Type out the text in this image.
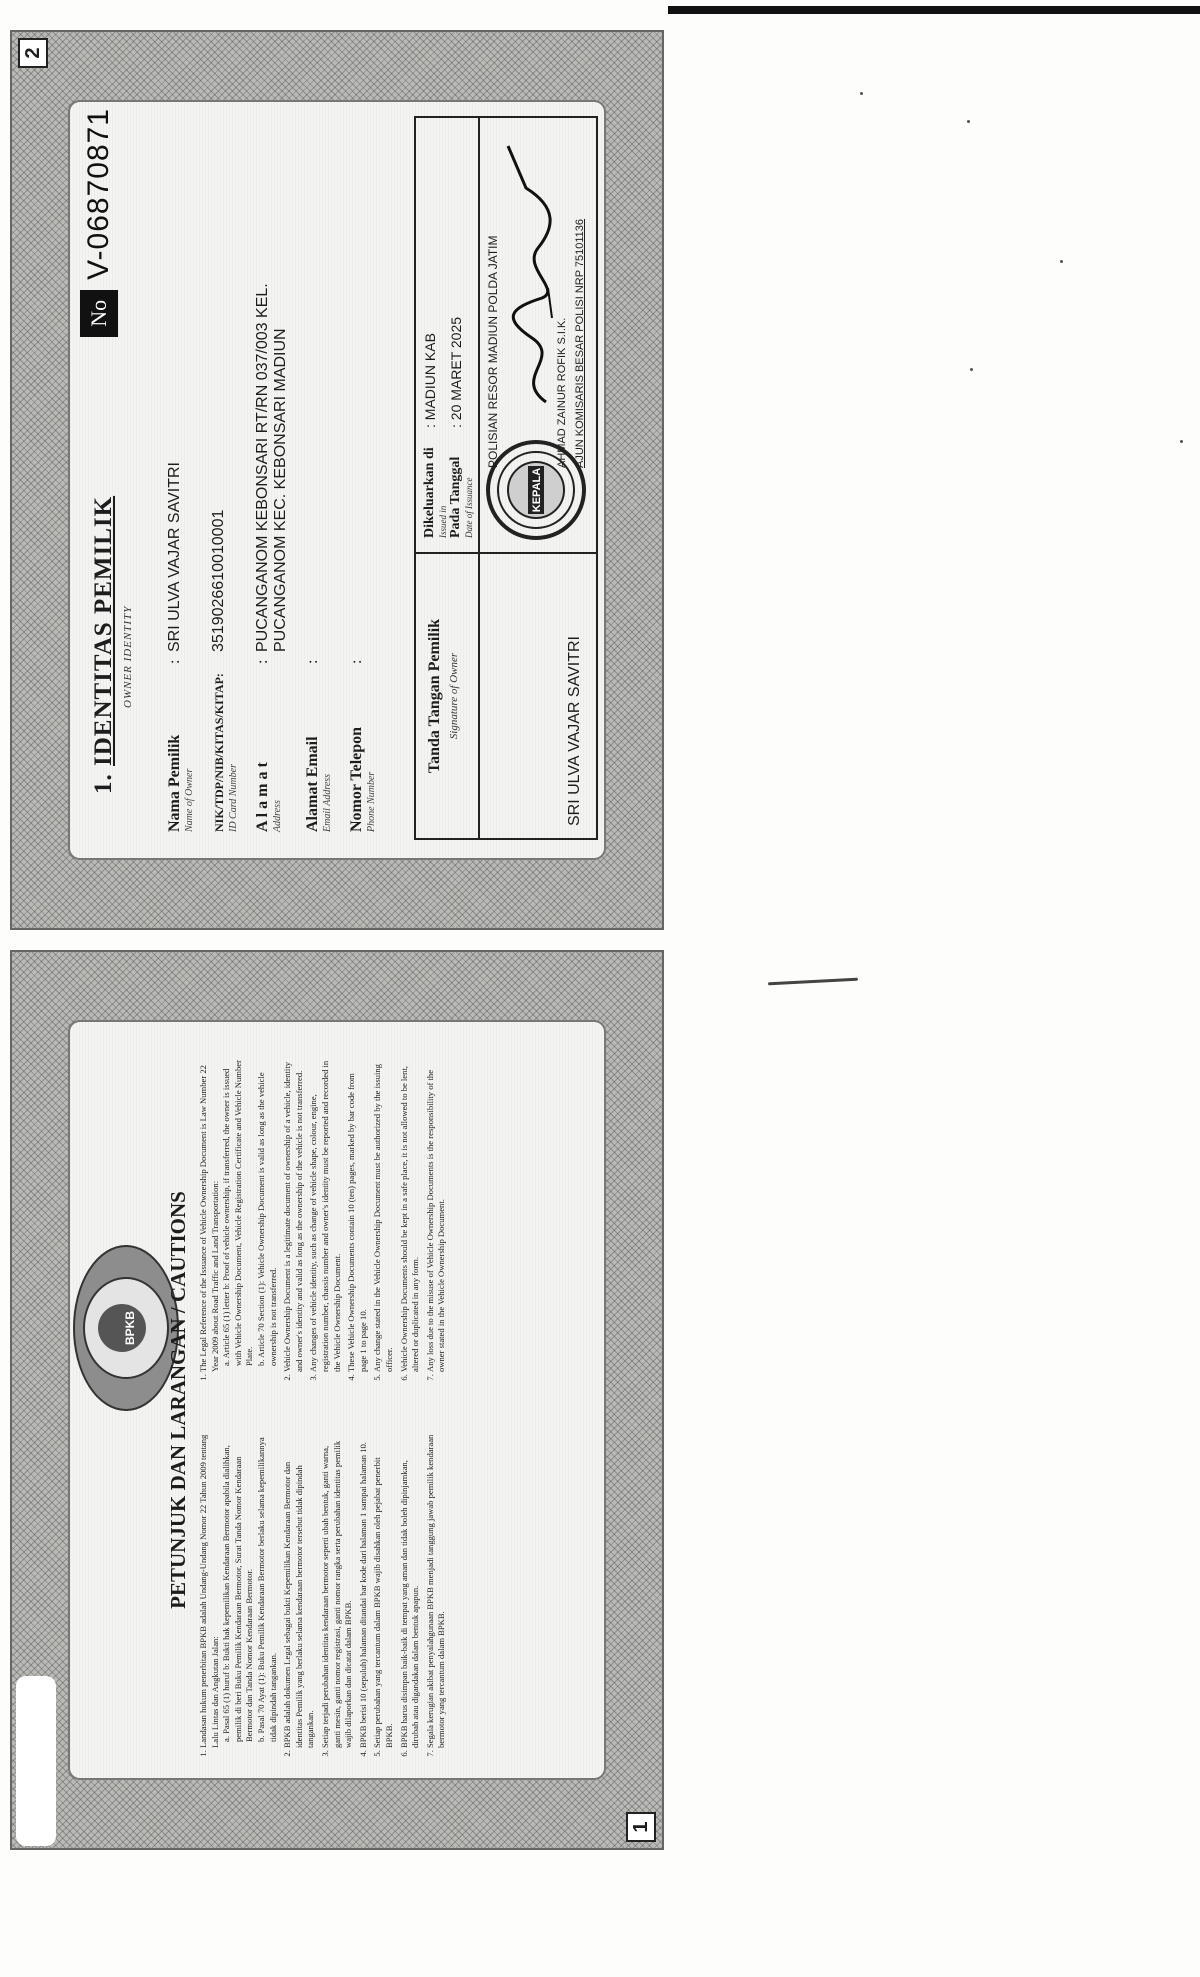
1. IDENTITAS PEMILIK OWNER IDENTITY
No
V-06870871
Nama Pemilik Name of Owner
:
SRI ULVA VAJAR SAVITRI
NIK/TDP/NIB/KITAS/KITAP: ID Card Number
3519026610010001
A l a m a t Address
:
PUCANGANOM KEBONSARI RT/RN 037/003 KEL. PUCANGANOM KEC. KEBONSARI MADIUN
Alamat Email Email Address
:
Nomor Telepon Phone Number
:	Tanda Tangan Pemilik Signature of Owner	SRI ULVA VAJAR SAVITRI
Dikeluarkan di Issued in
: MADIUN KAB
Pada Tanggal Date of Issuance
: 20 MARET 2025
KEPALA
POLISIAN RESOR MADIUN POLDA JATIM	AHMAD ZAINUR ROFIK S.I.K. AJUN KOMISARIS BESAR POLISI NRP 75101136
2
BPKB PETUNJUK DAN LARANGAN / CAUTIONS 1. Landasan hukum penerbitan BPKB adalah Undang-Undang Nomor 22 Tahun 2009 tentang Lalu Lintas dan Angkutan Jalan: a. Pasal 65 (1) huruf b: Bukti hak kepemilikan Kendaraan Bermotor apabila dialihkan, pemilik di beri Buku Pemilik Kendaraan Bermotor, Surat Tanda Nomor Kendaraan Bermotor dan Tanda Nomor Kendaraan Bermotor. b. Pasal 70 Ayat (1): Buku Pemilik Kendaraan Bermotor berlaku selama kepemilikannya tidak dipindah tangankan. 2. BPKB adalah dokumen Legal sebagai bukti Kepemilikan Kendaraan Bermotor dan identitas Pemilik yang berlaku selama kendaraan bermotor tersebut tidak dipindah tangankan. 3. Setiap terjadi perubahan identitas kendaraan bermotor seperti ubah bentuk, ganti warna, ganti mesin, ganti nomor registrasi, ganti nomor rangka serta perubahan identitas pemilik wajib dilaporkan dan dicatat dalam BPKB. 4. BPKB berisi 10 (sepuluh) halaman ditandai bar kode dari halaman 1 sampai halaman 10. 5. Setiap perubahan yang tercantum dalam BPKB wajib disahkan oleh pejabat penerbit BPKB. 6. BPKB harus disimpan baik-baik di tempat yang aman dan tidak boleh dipinjamkan, dirubah atau digandakan dalam bentuk apapun. 7. Segala kerugian akibat penyalahgunaan BPKB menjadi tanggung jawab pemilik kendaraan bermotor yang tercantum dalam BPKB.
1. The Legal Reference of the Issuance of Vehicle Ownership Document is Law Number 22 Year 2009 about Road Traffic and Land Transportation: a. Article 65 (1) letter b: Proof of vehicle ownership, if transferred, the owner is issued with Vehicle Ownership Document, Vehicle Registration Certificate and Vehicle Number Plate. b. Article 70 Section (1): Vehicle Ownership Document is valid as long as the vehicle ownership is not transferred. 2. Vehicle Ownership Document is a legitimate document of ownership of a vehicle, identity and owner's identity and valid as long as the ownership of the vehicle is not transferred. 3. Any changes of vehicle identity, such as change of vehicle shape, colour, engine, registration number, chassis number and owner's identity must be reported and recorded in the Vehicle Ownership Document. 4. These Vehicle Ownership Documents contain 10 (ten) pages, marked by bar code from page 1 to page 10. 5. Any change stated in the Vehicle Ownership Document must be authorized by the issuing officer. 6. Vehicle Ownership Documents should be kept in a safe place, it is not allowed to be lent, altered or duplicated in any form. 7. Any loss due to the misuse of Vehicle Ownership Documents is the responsibility of the owner stated in the Vehicle Ownership Document.
1
